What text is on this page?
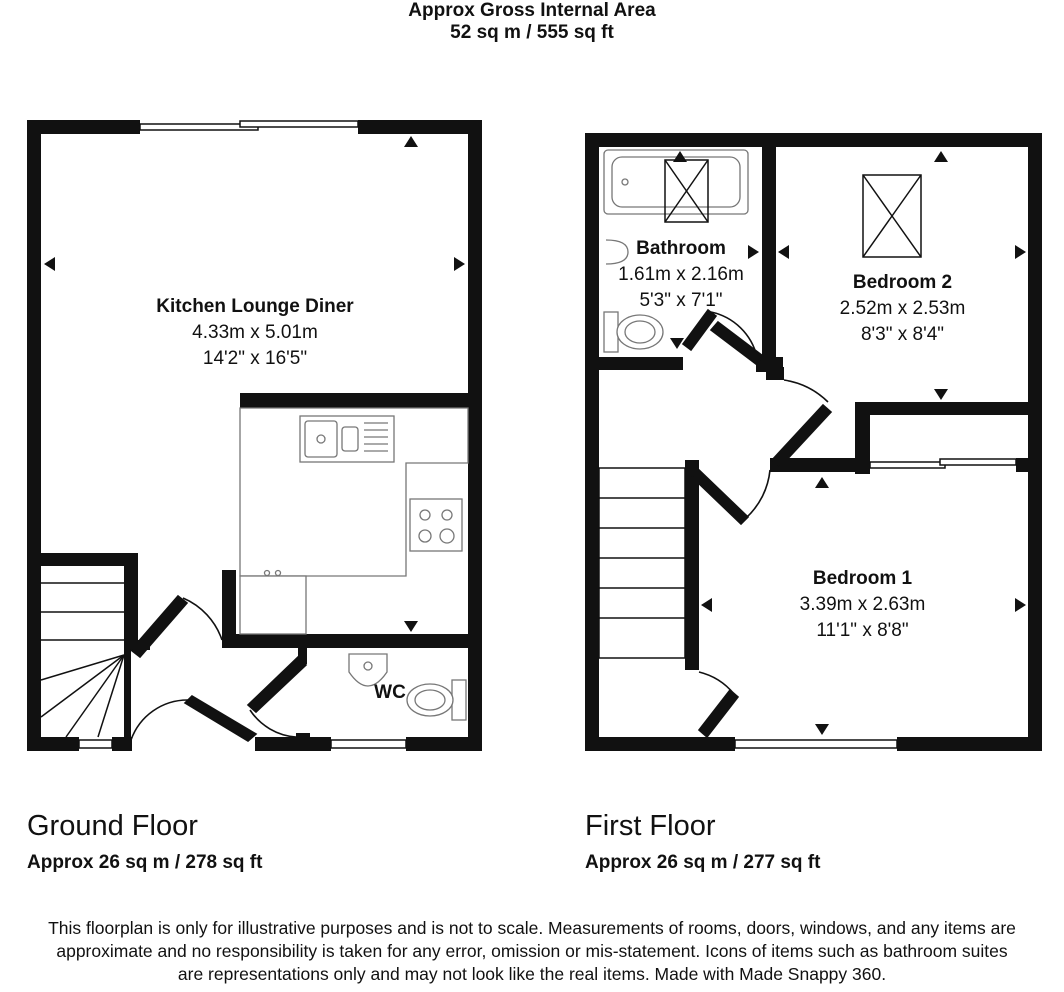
Approx Gross Internal Area
52 sq m / 555 sq ft
Kitchen Lounge Diner
4.33m x 5.01m
14'2" x 16'5"
WC
Bathroom
1.61m x 2.16m
5'3" x 7'1"
Bedroom 2
2.52m x 2.53m
8'3" x 8'4"
Bedroom 1
3.39m x 2.63m
11'1" x 8'8"
Ground Floor
Approx 26 sq m / 278 sq ft
First Floor
Approx 26 sq m / 277 sq ft
This floorplan is only for illustrative purposes and is not to scale. Measurements of rooms, doors, windows, and any items are
approximate and no responsibility is taken for any error, omission or mis-statement. Icons of items such as bathroom suites
are representations only and may not look like the real items. Made with Made Snappy 360.
